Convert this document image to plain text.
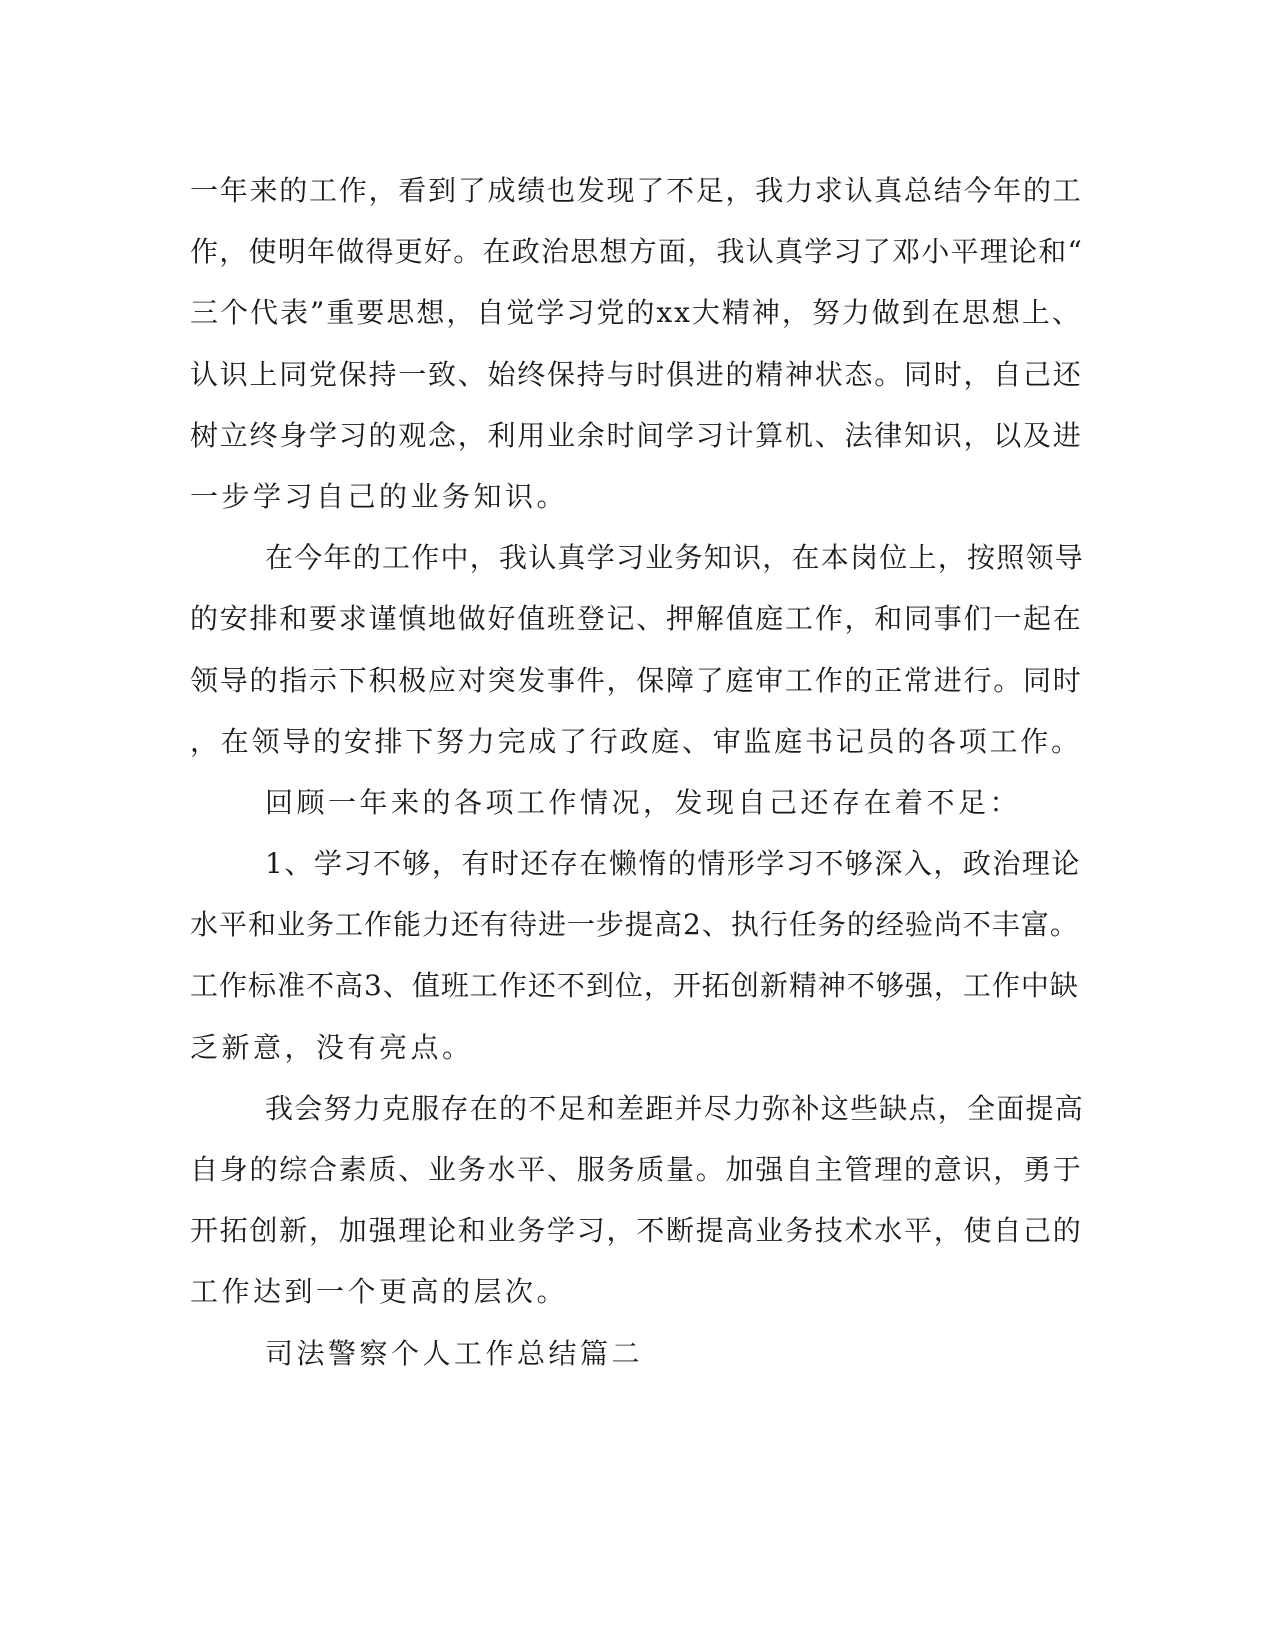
一年来的工作，看到了成绩也发现了不足，我力求认真总结今年的工
作，使明年做得更好。在政治思想方面，我认真学习了邓小平理论和“
三个代表”重要思想，自觉学习党的xx大精神，努力做到在思想上、
认识上同党保持一致、始终保持与时俱进的精神状态。同时，自己还
树立终身学习的观念，利用业余时间学习计算机、法律知识，以及进
一步学习自己的业务知识。
在今年的工作中，我认真学习业务知识，在本岗位上，按照领导
的安排和要求谨慎地做好值班登记、押解值庭工作，和同事们一起在
领导的指示下积极应对突发事件，保障了庭审工作的正常进行。同时
，在领导的安排下努力完成了行政庭、审监庭书记员的各项工作。
回顾一年来的各项工作情况，发现自己还存在着不足：
1、学习不够，有时还存在懒惰的情形学习不够深入，政治理论
水平和业务工作能力还有待进一步提高2、执行任务的经验尚不丰富。
工作标准不高3、值班工作还不到位，开拓创新精神不够强，工作中缺
乏新意，没有亮点。
我会努力克服存在的不足和差距并尽力弥补这些缺点，全面提高
自身的综合素质、业务水平、服务质量。加强自主管理的意识，勇于
开拓创新，加强理论和业务学习，不断提高业务技术水平，使自己的
工作达到一个更高的层次。
司法警察个人工作总结篇二
